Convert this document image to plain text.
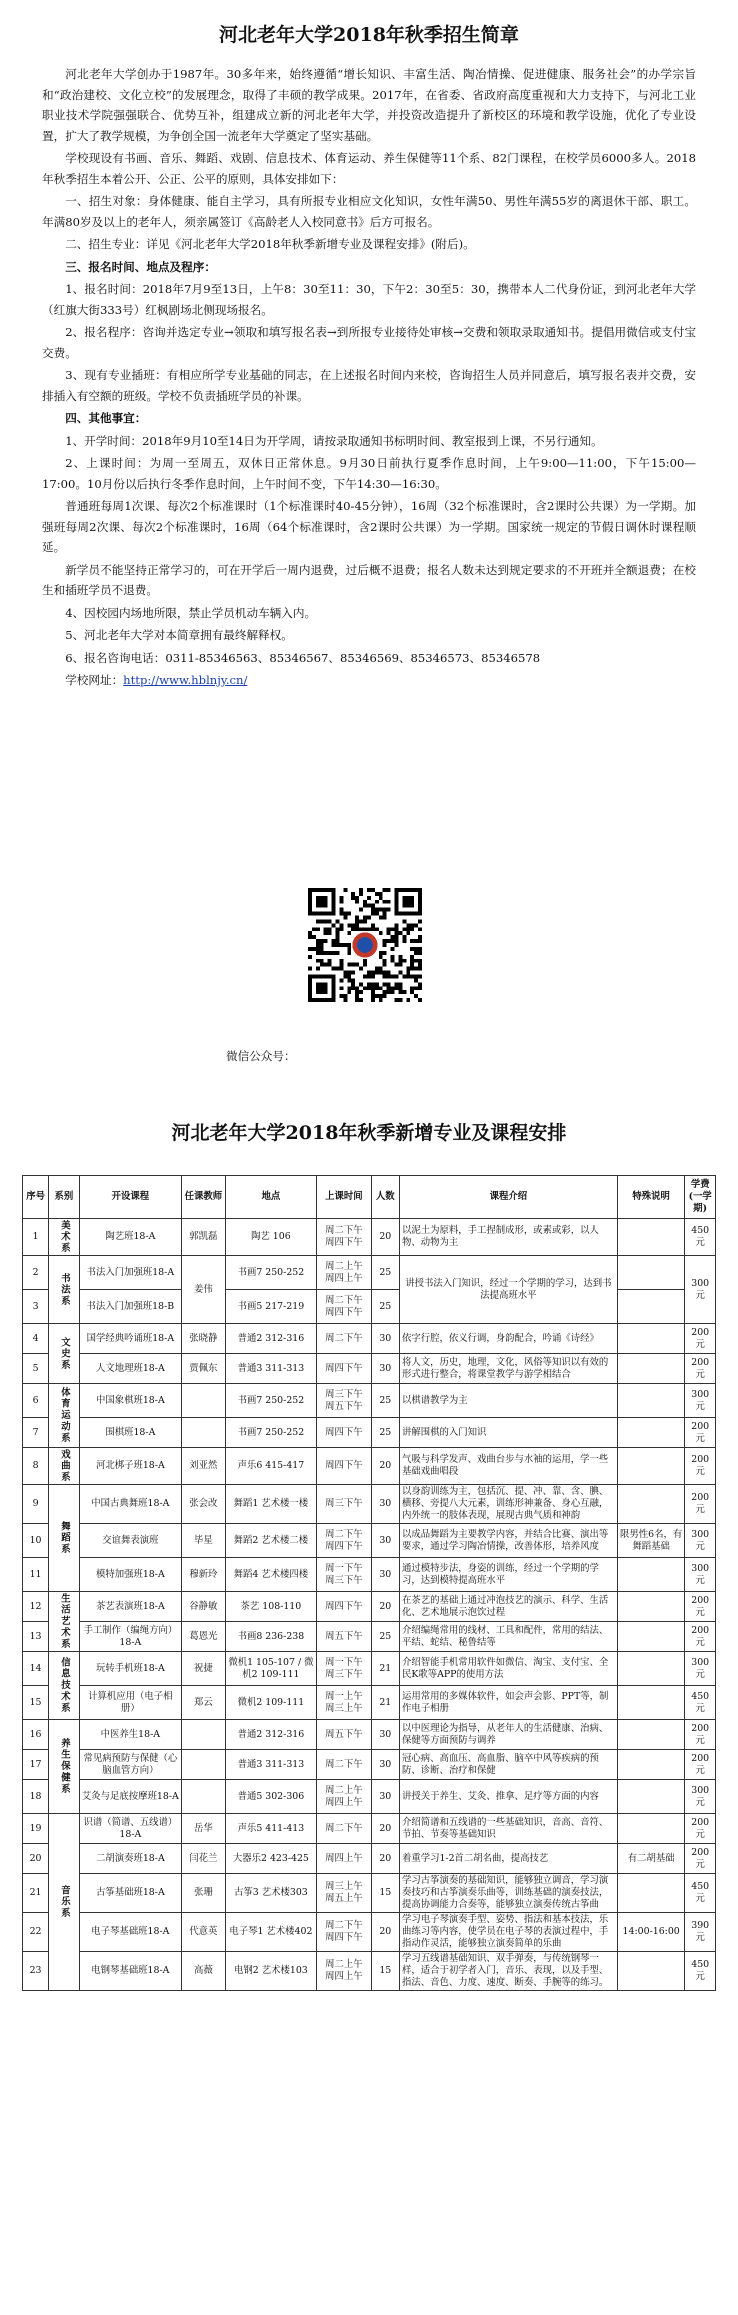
河北老年大学2018年秋季招生简章

河北老年大学创办于1987年。30多年来，始终遵循“增长知识、丰富生活、陶冶情操、促进健康、服务社会”的办学宗旨和“政治建校、文化立校”的发展理念，取得了丰硕的教学成果。2017年，在省委、省政府高度重视和大力支持下，与河北工业职业技术学院强强联合、优势互补，组建成立新的河北老年大学，并投资改造提升了新校区的环境和教学设施，优化了专业设置，扩大了教学规模，为争创全国一流老年大学奠定了坚实基础。

学校现设有书画、音乐、舞蹈、戏剧、信息技术、体育运动、养生保健等11个系、82门课程，在校学员6000多人。2018年秋季招生本着公开、公正、公平的原则，具体安排如下：

一、招生对象：身体健康、能自主学习，具有所报专业相应文化知识，女性年满50、男性年满55岁的离退休干部、职工。年满80岁及以上的老年人，须亲属签订《高龄老人入校同意书》后方可报名。

二、招生专业：详见《河北老年大学2018年秋季新增专业及课程安排》(附后)。

三、报名时间、地点及程序：

1、报名时间：2018年7月9至13日，上午8：30至11：30，下午2：30至5：30，携带本人二代身份证，到河北老年大学（红旗大街333号）红枫剧场北侧现场报名。

2、报名程序：咨询并选定专业→领取和填写报名表→到所报专业接待处审核→交费和领取录取通知书。提倡用微信或支付宝交费。

3、现有专业插班：有相应所学专业基础的同志，在上述报名时间内来校，咨询招生人员并同意后，填写报名表并交费，安排插入有空额的班级。学校不负责插班学员的补课。

四、其他事宜：

1、开学时间：2018年9月10至14日为开学周，请按录取通知书标明时间、教室报到上课，不另行通知。

2、上课时间：为周一至周五，双休日正常休息。9月30日前执行夏季作息时间，上午9:00—11:00，下午15:00—17:00。10月份以后执行冬季作息时间，上午时间不变，下午14:30—16:30。

普通班每周1次课、每次2个标准课时（1个标准课时40-45分钟），16周（32个标准课时，含2课时公共课）为一学期。加强班每周2次课、每次2个标准课时，16周（64个标准课时，含2课时公共课）为一学期。国家统一规定的节假日调休时课程顺延。

新学员不能坚持正常学习的，可在开学后一周内退费，过后概不退费；报名人数未达到规定要求的不开班并全额退费；在校生和插班学员不退费。

4、因校园内场地所限，禁止学员机动车辆入内。

5、河北老年大学对本简章拥有最终解释权。

6、报名咨询电话：0311-85346563、85346567、85346569、85346573、85346578

学校网址：http://www.hblnjy.cn/

微信公众号：
河北老年大学2018年秋季新增专业及课程安排
序号	系别	开设课程	任课教师	地点	上课时间	人数	课程介绍	特殊说明	学费(一学期)
1	美术系	陶艺班18-A	郭凯磊	陶艺 106	周二下午
周四下午	20	以泥土为原料，手工捏制成形，或素或彩，以人物、动物为主		450元
2	书法系	书法入门加强班18-A	姜伟	书画7 250-252	周二上午
周四上午	25	讲授书法入门知识，经过一个学期的学习，达到书法提高班水平		300元
3		书法入门加强班18-B		书画5 217-219	周二下午
周四下午	25			
4	文史系	国学经典吟诵班18-A	张晓静	普通2 312-316	周二下午	30	依字行腔，依义行调，身韵配合，吟诵《诗经》		200元
5		人文地理班18-A	贾佩东	普通3 311-313	周四下午	30	将人文，历史，地理，文化，风俗等知识以有效的形式进行整合，将课堂教学与游学相结合		200元
6	体育运动系	中国象棋班18-A		书画7 250-252	周三下午
周五下午	25	以棋谱教学为主		300元
7		围棋班18-A		书画7 250-252	周四下午	25	讲解围棋的入门知识		200元
8	戏曲系	河北梆子班18-A	刘亚然	声乐6 415-417	周四下午	20	气吸与科学发声、戏曲台步与水袖的运用，学一些基础戏曲唱段		200元
9	舞蹈系	中国古典舞班18-A	张会改	舞蹈1 艺术楼一楼	周三下午	30	以身韵训练为主，包括沉、提、冲、靠、含、腆、横移、旁提八大元素，训练形神兼备、身心互融，内外统一的肢体表现，展现古典气质和神韵		200元
10		交谊舞表演班	毕星	舞蹈2 艺术楼二楼	周二下午
周四下午	30	以成品舞蹈为主要教学内容，并结合比赛、演出等要求，通过学习陶冶情操，改善体形，培养风度	限男性6名，有舞蹈基础	300元
11		模特加强班18-A	穆新玲	舞蹈4 艺术楼四楼	周一下午
周三下午	30	通过模特步法，身姿的训练，经过一个学期的学习，达到模特提高班水平		300元
12	生活艺术系	茶艺表演班18-A	谷静敏	茶艺 108-110	周四下午	20	在茶艺的基础上通过冲泡技艺的演示、科学、生活化、艺术地展示泡饮过程		200元
13		手工制作（编绳方向）18-A	葛恩光	书画8 236-238	周五下午	25	介绍编绳常用的线材、工具和配件，常用的结法、平结、蛇结、秘鲁结等		200元
14	信息技术系	玩转手机班18-A	祝捷	微机1 105-107 / 微机2 109-111	周一下午
周三下午	21	介绍智能手机常用软件如微信、淘宝、支付宝、全民K歌等APP的使用方法		300元
15		计算机应用（电子相册）	郑云	微机2 109-111	周一上午
周三上午	21	运用常用的多媒体软件，如会声会影、PPT等，制作电子相册		450元
16	养生保健系	中医养生18-A		普通2 312-316	周五下午	30	以中医理论为指导，从老年人的生活健康、治病、保健等方面预防与调养		200元
17		常见病预防与保健（心脑血管方向）		普通3 311-313	周二下午	30	冠心病、高血压、高血脂、脑卒中风等疾病的预防、诊断、治疗和保健		200元
18		艾灸与足底按摩班18-A		普通5 302-306	周二上午
周四上午	30	讲授关于养生、艾灸、推拿、足疗等方面的内容		300元
19	音乐系	识谱（简谱、五线谱）18-A	岳华	声乐5 411-413	周二下午	20	介绍简谱和五线谱的一些基础知识，音高、音符、节拍、节奏等基础知识		200元
20		二胡演奏班18-A	闫花兰	大器乐2 423-425	周四上午	20	着重学习1-2首二胡名曲，提高技艺	有二胡基础	200元
21		古筝基础班18-A	张珊	古筝3 艺术楼303	周三上午
周五上午	15	学习古筝演奏的基础知识，能够独立调音，学习演奏技巧和古筝演奏乐曲等，训练基础的演奏技法，提高协调能力合奏等，能够独立演奏传统古筝曲		450元
22		电子琴基础班18-A	代意英	电子琴1 艺术楼402	周二下午
周四下午	20	学习电子琴演奏手型、姿势、指法和基本技法，乐曲练习等内容，使学员在电子琴的表演过程中，手指动作灵活，能够独立演奏简单的乐曲	14:00-16:00	390元
23		电钢琴基础班18-A	高薇	电钢2 艺术楼103	周二上午
周四上午	15	学习五线谱基础知识、双手弹奏，与传统钢琴一样，适合于初学者入门，音乐、表现，以及手型、指法、音色、力度、速度、断奏、手腕等的练习。		450元
